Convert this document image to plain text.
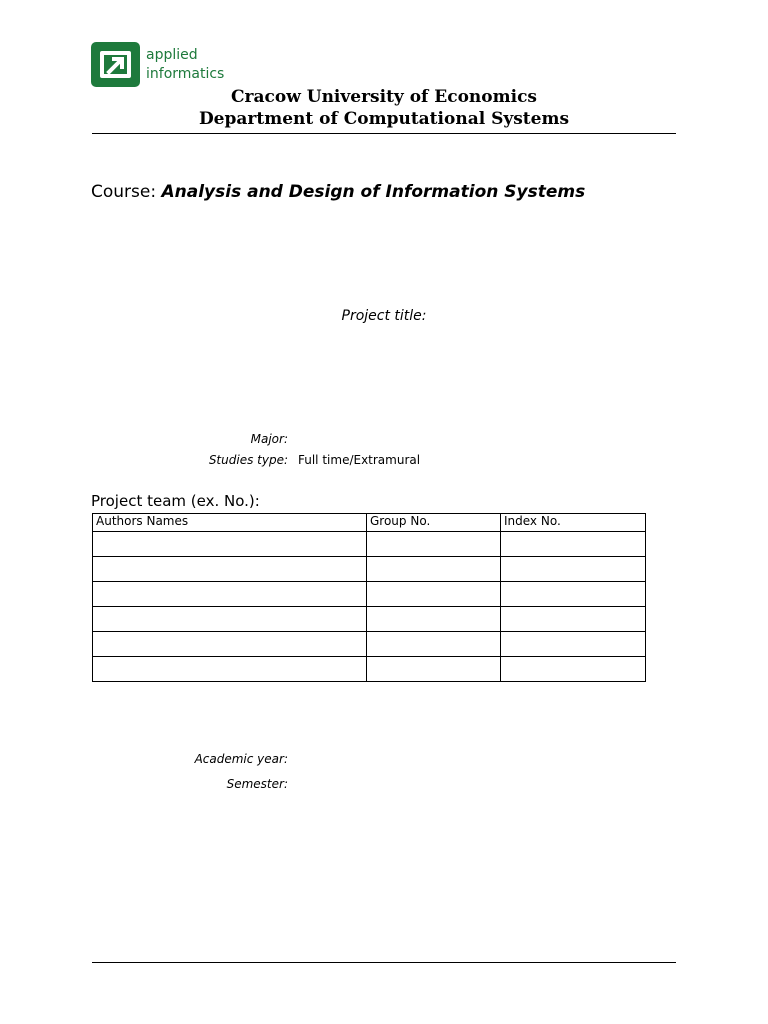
applied
informatics
Cracow University of Economics
Department of Computational Systems
Course: Analysis and Design of Information Systems
Project title:
Major:
Studies type: Full time/Extramural
Project team (ex. No.):
Authors Names	Group No.	Index No.

Academic year:
Semester:
